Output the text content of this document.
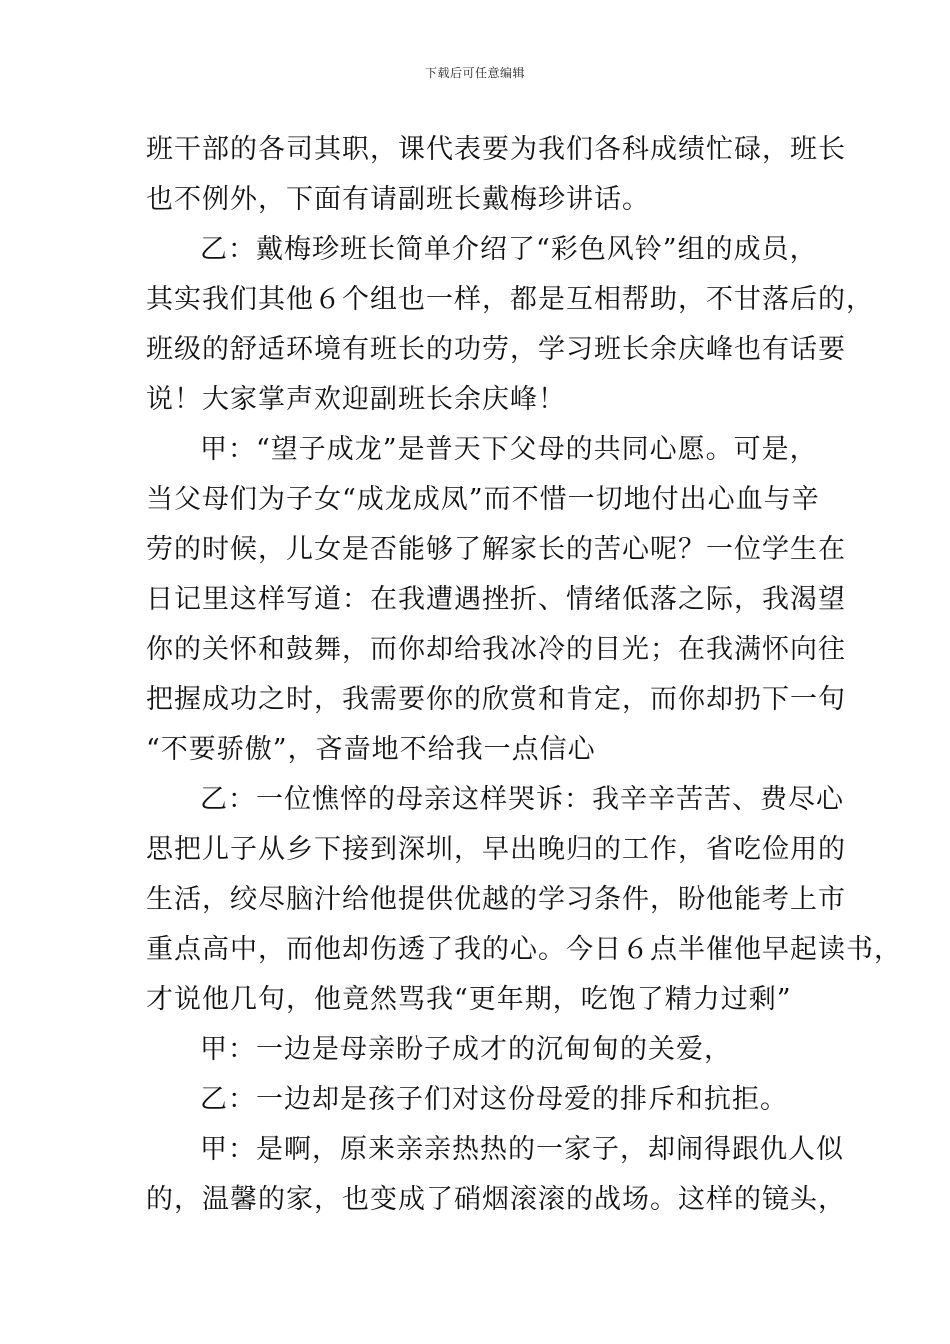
下载后可任意编辑
班干部的各司其职，课代表要为我们各科成绩忙碌，班长
也不例外，下面有请副班长戴梅珍讲话。
乙：戴梅珍班长简单介绍了“彩色风铃”组的成员，
其实我们其他６个组也一样，都是互相帮助，不甘落后的，
班级的舒适环境有班长的功劳，学习班长余庆峰也有话要
说！大家掌声欢迎副班长余庆峰！
甲：“望子成龙”是普天下父母的共同心愿。可是，
当父母们为子女“成龙成凤”而不惜一切地付出心血与辛
劳的时候，儿女是否能够了解家长的苦心呢？一位学生在
日记里这样写道：在我遭遇挫折、情绪低落之际，我渴望
你的关怀和鼓舞，而你却给我冰冷的目光；在我满怀向往
把握成功之时，我需要你的欣赏和肯定，而你却扔下一句
“不要骄傲”，吝啬地不给我一点信心
乙：一位憔悴的母亲这样哭诉：我辛辛苦苦、费尽心
思把儿子从乡下接到深圳，早出晚归的工作，省吃俭用的
生活，绞尽脑汁给他提供优越的学习条件，盼他能考上市
重点高中，而他却伤透了我的心。今日６点半催他早起读书，
才说他几句，他竟然骂我“更年期，吃饱了精力过剩”
甲：一边是母亲盼子成才的沉甸甸的关爱，
乙：一边却是孩子们对这份母爱的排斥和抗拒。
甲：是啊，原来亲亲热热的一家子，却闹得跟仇人似
的，温馨的家，也变成了硝烟滚滚的战场。这样的镜头，
